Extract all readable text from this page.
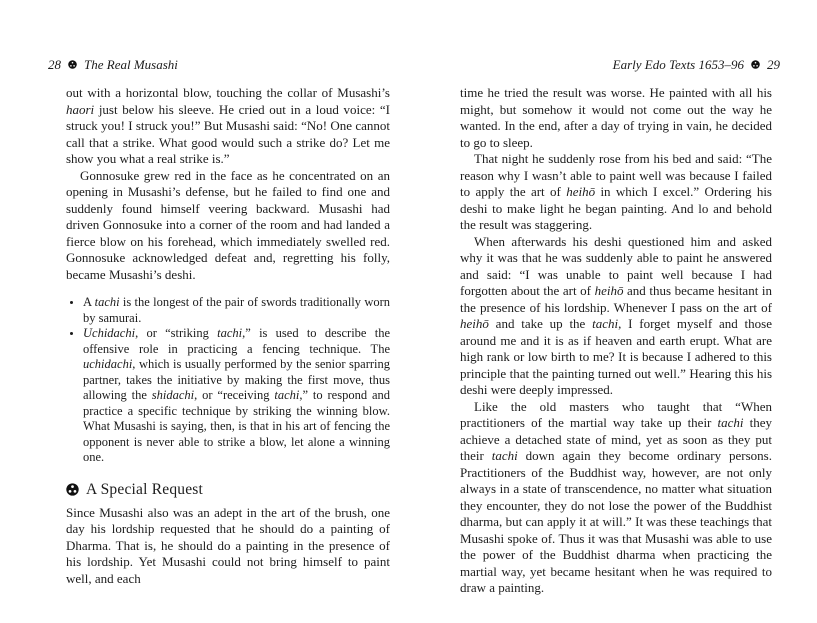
28 The Real Musashi

out with a horizontal blow, touching the collar of Musashi’s haori just below his sleeve. He cried out in a loud voice: “I struck you! I struck you!” But Musashi said: “No! One cannot call that a strike. What good would such a strike do? Let me show you what a real strike is.”

Gonnosuke grew red in the face as he concentrated on an opening in Musashi’s defense, but he failed to find one and suddenly found himself veering backward. Musashi had driven Gonnosuke into a corner of the room and had landed a fierce blow on his forehead, which immediately swelled red. Gonnosuke acknowledged defeat and, regretting his folly, became Musashi’s deshi.

• A tachi is the longest of the pair of swords traditionally worn by samurai.
• Uchidachi, or “striking tachi,” is used to describe the offensive role in practicing a fencing technique. The uchidachi, which is usually performed by the senior sparring partner, takes the initiative by making the first move, thus allowing the shidachi, or “receiving tachi,” to respond and practice a specific technique by striking the winning blow. What Musashi is saying, then, is that in his art of fencing the opponent is never able to strike a blow, let alone a winning one.
A Special Request

Since Musashi also was an adept in the art of the brush, one day his lordship requested that he should do a painting of Dharma. That is, he should do a painting in the presence of his lordship. Yet Musashi could not bring himself to paint well, and each

Early Edo Texts 1653–96 29

time he tried the result was worse. He painted with all his might, but somehow it would not come out the way he wanted. In the end, after a day of trying in vain, he decided to go to sleep.

That night he suddenly rose from his bed and said: “The reason why I wasn’t able to paint well was because I failed to apply the art of heihō in which I excel.” Ordering his deshi to make light he began painting. And lo and behold the result was staggering.

When afterwards his deshi questioned him and asked why it was that he was suddenly able to paint he answered and said: “I was unable to paint well because I had forgotten about the art of heihō and thus became hesitant in the presence of his lordship. Whenever I pass on the art of heihō and take up the tachi, I forget myself and those around me and it is as if heaven and earth erupt. What are high rank or low birth to me? It is because I adhered to this principle that the painting turned out well.” Hearing this his deshi were deeply impressed.

Like the old masters who taught that “When practitioners of the martial way take up their tachi they achieve a detached state of mind, yet as soon as they put their tachi down again they become ordinary persons. Practitioners of the Buddhist way, however, are not only always in a state of transcendence, no matter what situation they encounter, they do not lose the power of the Buddhist dharma, but can apply it at will.” It was these teachings that Musashi spoke of. Thus it was that Musashi was able to use the power of the Buddhist dharma when practicing the martial way, yet became hesitant when he was required to draw a painting.
